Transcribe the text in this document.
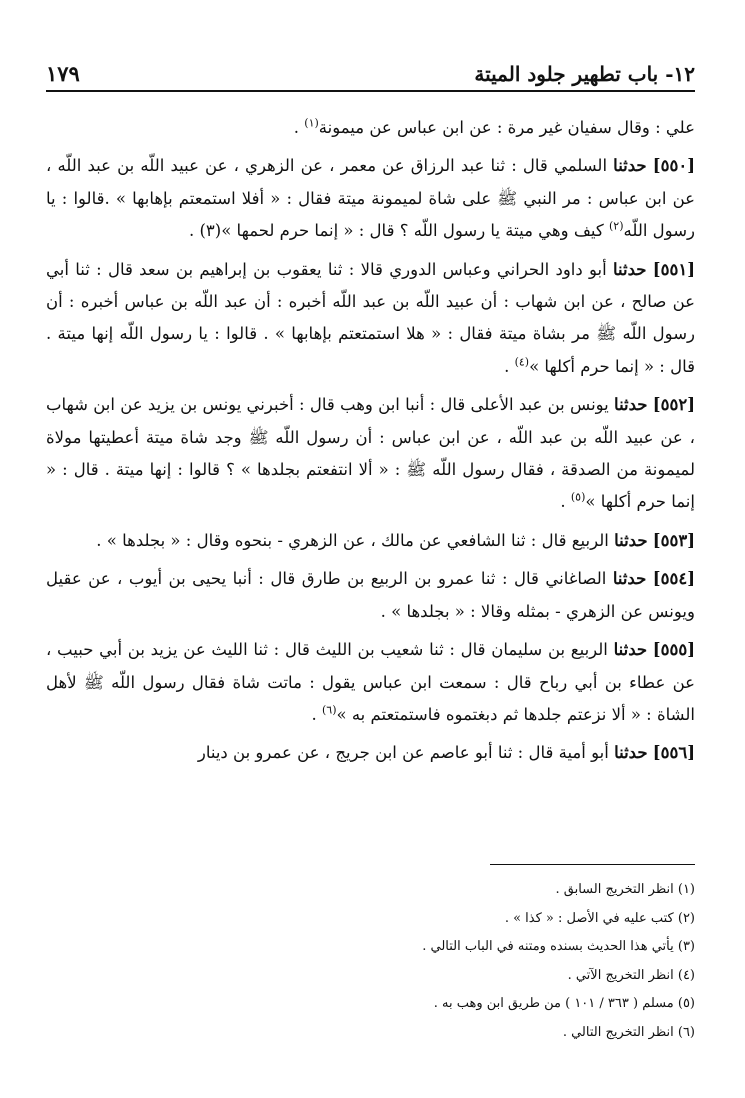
١٢- باب تطهير جلود الميتة
١٧٩

علي : وقال سفيان غير مرة : عن ابن عباس عن ميمونة$^{(١)}$ .

[٥٥٠] حدثنا السلمي قال : ثنا عبد الرزاق عن معمر ، عن الزهري ، عن عبيد اللّه بن عبد اللّه ، عن ابن عباس : مر النبي ﷺ على شاة لميمونة ميتة فقال : « أفلا استمعتم بإهابها » .قالوا : يا رسول اللّه$^{(٢)}$ كيف وهي ميتة يا رسول اللّه ؟ قال : « إنما حرم لحمها »(٣) .

[٥٥١] حدثنا أبو داود الحراني وعباس الدوري قالا : ثنا يعقوب بن إبراهيم بن سعد قال : ثنا أبي عن صالح ، عن ابن شهاب : أن عبيد اللّه بن عبد اللّه أخبره : أن عبد اللّه بن عباس أخبره : أن رسول اللّه ﷺ مر بشاة ميتة فقال : « هلا استمتعتم بإهابها » . قالوا : يا رسول اللّه إنها ميتة . قال : « إنما حرم أكلها »$^{(٤)}$ .

[٥٥٢] حدثنا يونس بن عبد الأعلى قال : أنبا ابن وهب قال : أخبرني يونس بن يزيد عن ابن شهاب ، عن عبيد اللّه بن عبد اللّه ، عن ابن عباس : أن رسول اللّه ﷺ وجد شاة ميتة أعطيتها مولاة لميمونة من الصدقة ، فقال رسول اللّه ﷺ : « ألا انتفعتم بجلدها » ؟ قالوا : إنها ميتة . قال : « إنما حرم أكلها »$^{(٥)}$ .

[٥٥٣] حدثنا الربيع قال : ثنا الشافعي عن مالك ، عن الزهري - بنحوه وقال : « بجلدها » .

[٥٥٤] حدثنا الصاغاني قال : ثنا عمرو بن الربيع بن طارق قال : أنبا يحيى بن أيوب ، عن عقيل ويونس عن الزهري - بمثله وقالا : « بجلدها » .

[٥٥٥] حدثنا الربيع بن سليمان قال : ثنا شعيب بن الليث قال : ثنا الليث عن يزيد بن أبي حبيب ، عن عطاء بن أبي رباح قال : سمعت ابن عباس يقول : ماتت شاة فقال رسول اللّه ﷺ لأهل الشاة : « ألا نزعتم جلدها ثم دبغتموه فاستمتعتم به »$^{(٦)}$ .

[٥٥٦] حدثنا أبو أمية قال : ثنا أبو عاصم عن ابن جريج ، عن عمرو بن دينار

(١) انظر التخريج السابق .
(٢) كتب عليه في الأصل : « كذا » .
(٣) يأتي هذا الحديث بسنده ومتنه في الباب التالي .
(٤) انظر التخريج الآتي .
(٥) مسلم ( ٣٦٣ / ١٠١ ) من طريق ابن وهب به .
(٦) انظر التخريج التالي .
